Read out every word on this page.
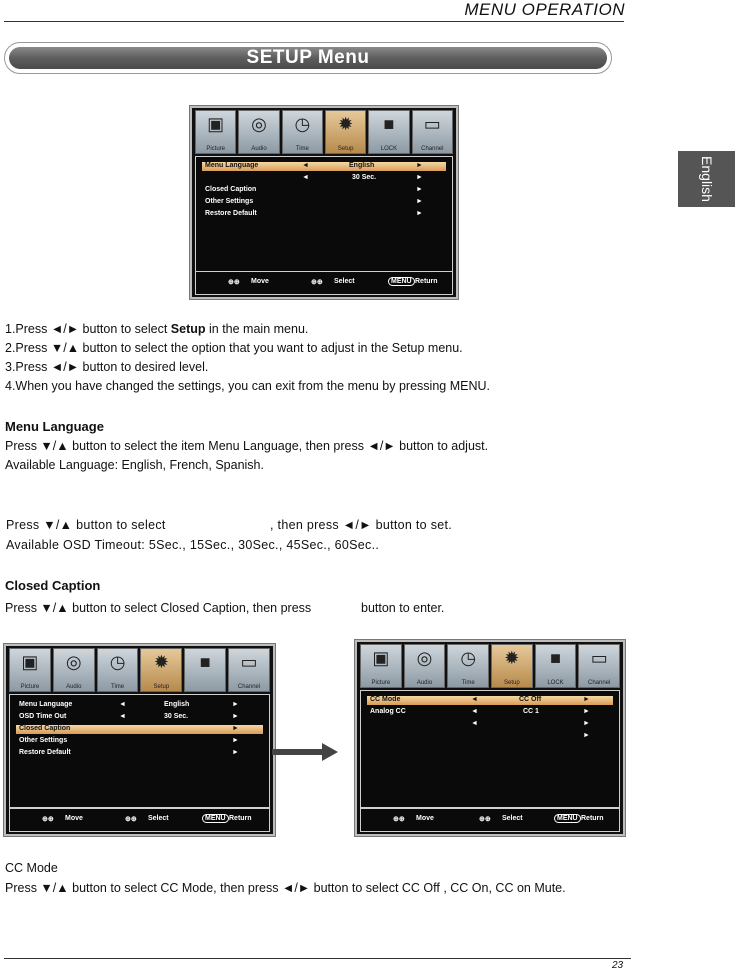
MENU OPERATION
SETUP Menu
English
▣
Picture
◎
Audio
◷
Time
✹
Setup
■
LOCK
▭
Channel
Menu Language	◄	English	►
◄	30 Sec.	►
Closed Caption	►
Other Settings	►
Restore Default	►
⊕⊕ Move	⊕⊕ Select	MENU Return
1.Press ◄/► button to select Setup in the main menu.
2.Press ▼/▲ button to select the option that you want to adjust in the Setup menu.
3.Press ◄/► button to desired level.
4.When you have changed the settings, you can exit from the menu by pressing MENU.
Menu Language
Press ▼/▲ button to select the item Menu Language, then press ◄/► button to adjust.
Available Language: English, French, Spanish.
Press ▼/▲ button to select	, then press ◄/► button to set.
Available OSD Timeout: 5Sec., 15Sec., 30Sec., 45Sec., 60Sec..
Closed Caption
Press ▼/▲ button to select Closed Caption, then press	button to enter.
▣
Picture
◎
Audio
◷
Time
✹
Setup
■ ▭
Channel
Menu Language	◄	English	►
OSD Time Out	◄	30 Sec.	►
Closed Caption	►
Other Settings	►
Restore Default	►
⊕⊕ Move	⊕⊕ Select	MENU Return
▣
Picture
◎
Audio
◷
Time
✹
Setup
■
LOCK
▭
Channel
CC Mode	◄	CC Off	►
Analog CC	◄	CC 1	►
◄	►
►
⊕⊕ Move	⊕⊕ Select	MENU Return
CC Mode
Press ▼/▲ button to select CC Mode, then press ◄/► button to select CC Off , CC On, CC on Mute.
23
